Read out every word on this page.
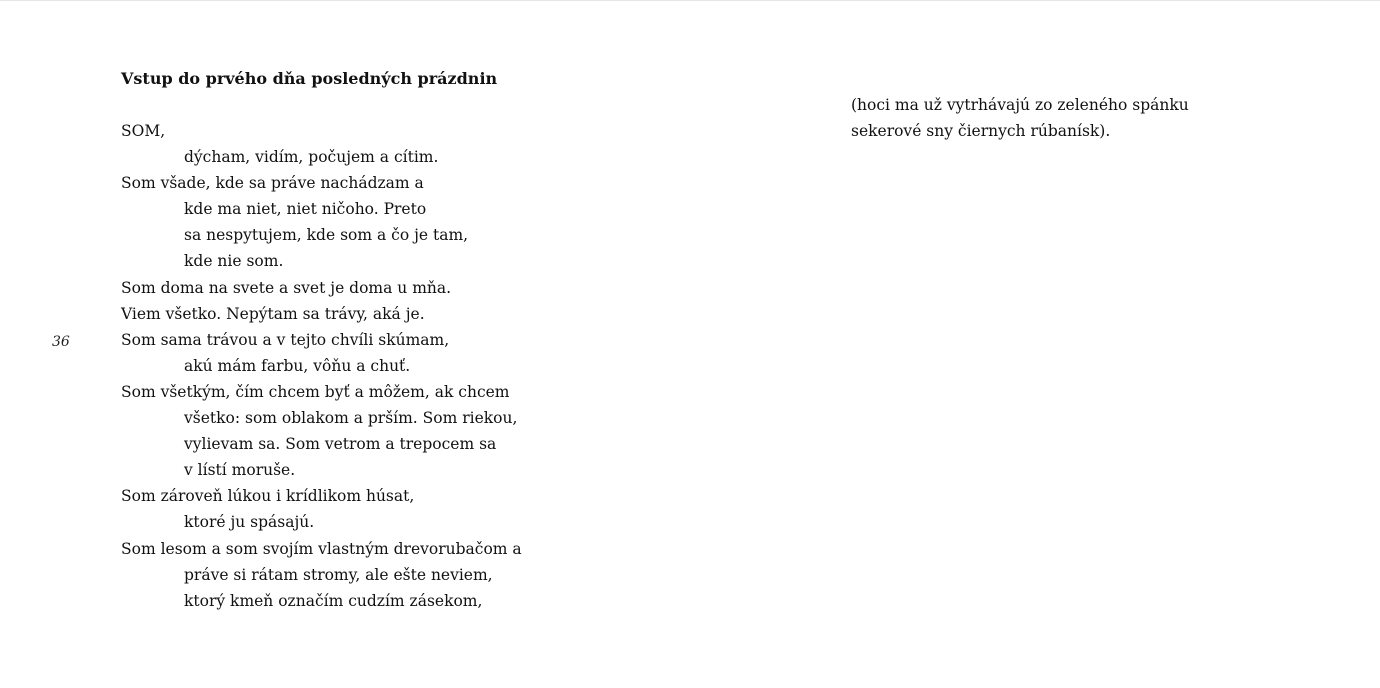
Vstup do prvého dňa posledných prázdnin
SOM,
dýcham, vidím, počujem a cítim.
Som všade, kde sa práve nachádzam a
kde ma niet, niet ničoho. Preto
sa nespytujem, kde som a čo je tam,
kde nie som.
Som doma na svete a svet je doma u mňa.
Viem všetko. Nepýtam sa trávy, aká je.
Som sama trávou a v tejto chvíli skúmam,
akú mám farbu, vôňu a chuť.
Som všetkým, čím chcem byť a môžem, ak chcem
všetko: som oblakom a prším. Som riekou,
vylievam sa. Som vetrom a trepocem sa
v lístí moruše.
Som zároveň lúkou i krídlikom húsat,
ktoré ju spásajú.
Som lesom a som svojím vlastným drevorubačom a
práve si rátam stromy, ale ešte neviem,
ktorý kmeň označím cudzím zásekom,
36
(hoci ma už vytrhávajú zo zeleného spánku
sekerové sny čiernych rúbanísk).
